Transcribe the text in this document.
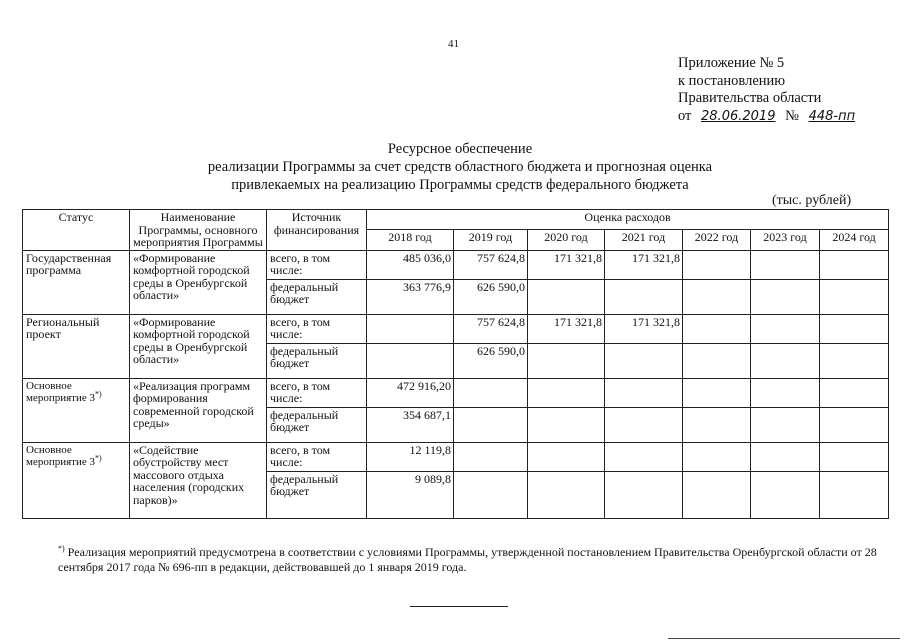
41
Приложение № 5
к постановлению
Правительства области
от 28.06.2019 № 448-пп
Ресурсное обеспечение
реализации Программы за счет средств областного бюджета и прогнозная оценка
привлекаемых на реализацию Программы средств федерального бюджета
(тыс. рублей)
Статус	Наименование Программы, основного мероприятия Программы	Источник финансирования	Оценка расходов						
			2018 год	2019 год	2020 год	2021 год	2022 год	2023 год	2024 год
Государственная программа	«Формирование комфортной городской среды в Оренбургской области»	всего, в том числе:	485 036,0	757 624,8	171 321,8	171 321,8			
		федеральный бюджет	363 776,9	626 590,0					
Региональный проект	«Формирование комфортной городской среды в Оренбургской области»	всего, в том числе:		757 624,8	171 321,8	171 321,8			
		федеральный бюджет		626 590,0					
Основное мероприятие 3*)	«Реализация программ формирования современной городской среды»	всего, в том числе:	472 916,20						
		федеральный бюджет	354 687,1						
Основное мероприятие 3*)	«Содействие обустройству мест массового отдыха населения (городских парков)»	всего, в том числе:	12 119,8						
		федеральный бюджет	9 089,8						
*) Реализация мероприятий предусмотрена в соответствии с условиями Программы, утвержденной постановлением Правительства Оренбургской области от 28 сентября 2017 года № 696-пп в редакции, действовавшей до 1 января 2019 года.
